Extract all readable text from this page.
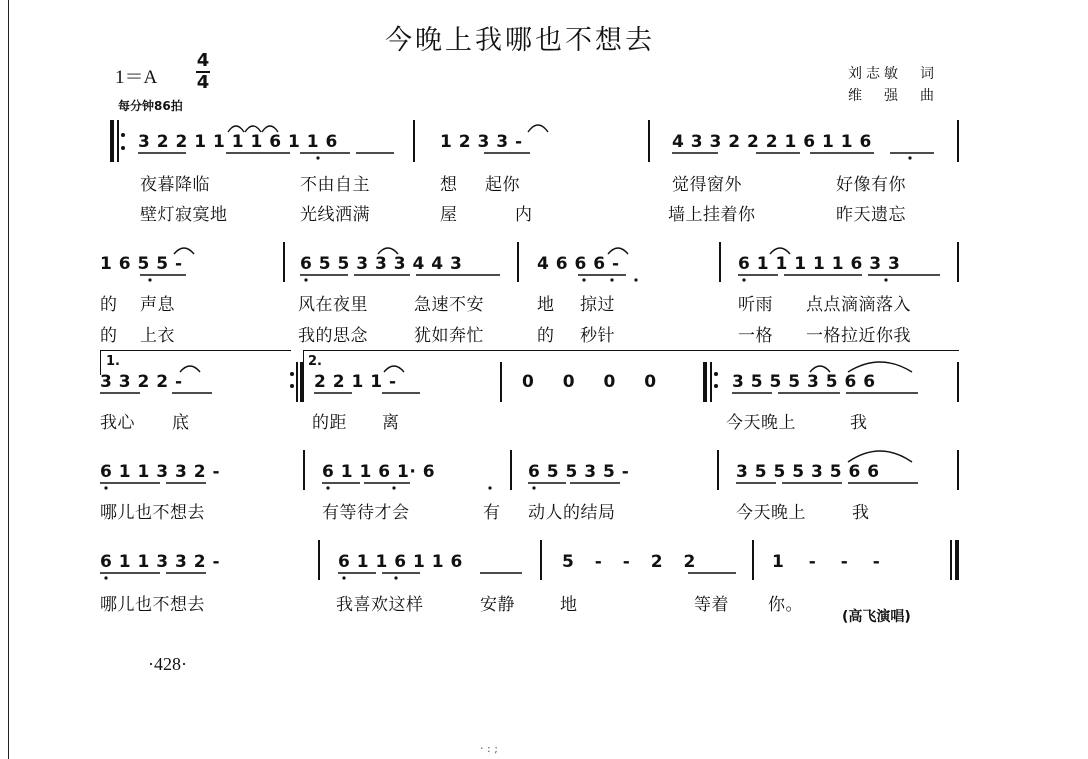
今晚上我哪也不想去
1＝A
4
4
每分钟86拍
刘志敏　词
维　强　曲
3 2 2 1 1 1 1 6 1 1 6	1 2 3 3 -	4 3 3 2 2 2 1 6 1 1 6
夜暮降临	不由自主	想 起你	觉得窗外	好像有你
壁灯寂寞地	光线洒满	屋	内	墙上挂着你	昨天遗忘
1 6 5 5 -	6 5 5 3 3 3 4 4 3	4 6 6 6 -	6 1 1 1 1 1 6 3 3
的 声息	风在夜里	急速不安	地 掠过	听雨 点点滴滴落入
的 上衣	我的思念	犹如奔忙	的 秒针	一格 一格拉近你我
1.	2.
3 3 2 2 -	2 2 1 1 -	0 0 0 0	3 5 5 5 3 5 6 6
我心 底	的距 离	今天晚上	我
6 1 1 3 3 2 -	6 1 1 6 1· 6	6 5 5 3 5 -	3 5 5 5 3 5 6 6
哪儿也不想去	有等待才会	有 动人的结局	今天晚上	我
6 1 1 3 3 2 -	6 1 1 6 1 1 6	5 - - 2 2	1 - - -
哪儿也不想去	我喜欢这样	安静	地	等着 你。
(高飞演唱)
·428·
· : ;
